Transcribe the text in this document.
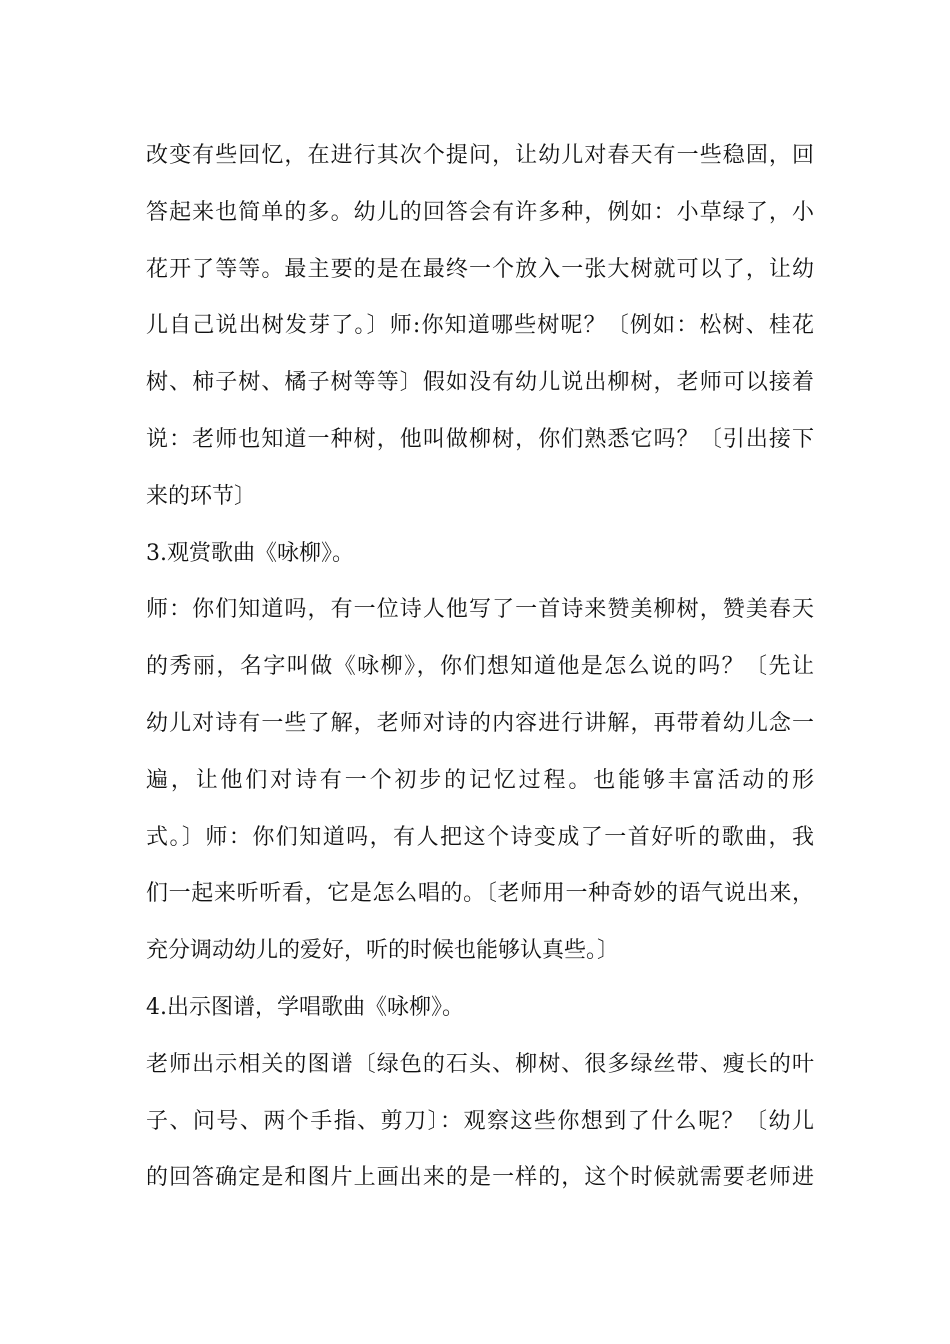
改变有些回忆，在进行其次个提问，让幼儿对春天有一些稳固，回
答起来也简单的多。幼儿的回答会有许多种，例如：小草绿了，小
花开了等等。最主要的是在最终一个放入一张大树就可以了，让幼
儿自己说出树发芽了。〕师:你知道哪些树呢？〔例如：松树、桂花
树、柿子树、橘子树等等〕假如没有幼儿说出柳树，老师可以接着
说：老师也知道一种树，他叫做柳树，你们熟悉它吗？〔引出接下
来的环节〕
3.观赏歌曲《咏柳》。
师：你们知道吗，有一位诗人他写了一首诗来赞美柳树，赞美春天
的秀丽，名字叫做《咏柳》，你们想知道他是怎么说的吗？〔先让
幼儿对诗有一些了解，老师对诗的内容进行讲解，再带着幼儿念一
遍，让他们对诗有一个初步的记忆过程。也能够丰富活动的形
式。〕师：你们知道吗，有人把这个诗变成了一首好听的歌曲，我
们一起来听听看，它是怎么唱的。〔老师用一种奇妙的语气说出来，
充分调动幼儿的爱好，听的时候也能够认真些。〕
4.出示图谱，学唱歌曲《咏柳》。
老师出示相关的图谱〔绿色的石头、柳树、很多绿丝带、瘦长的叶
子、问号、两个手指、剪刀〕：观察这些你想到了什么呢？〔幼儿
的回答确定是和图片上画出来的是一样的，这个时候就需要老师进
